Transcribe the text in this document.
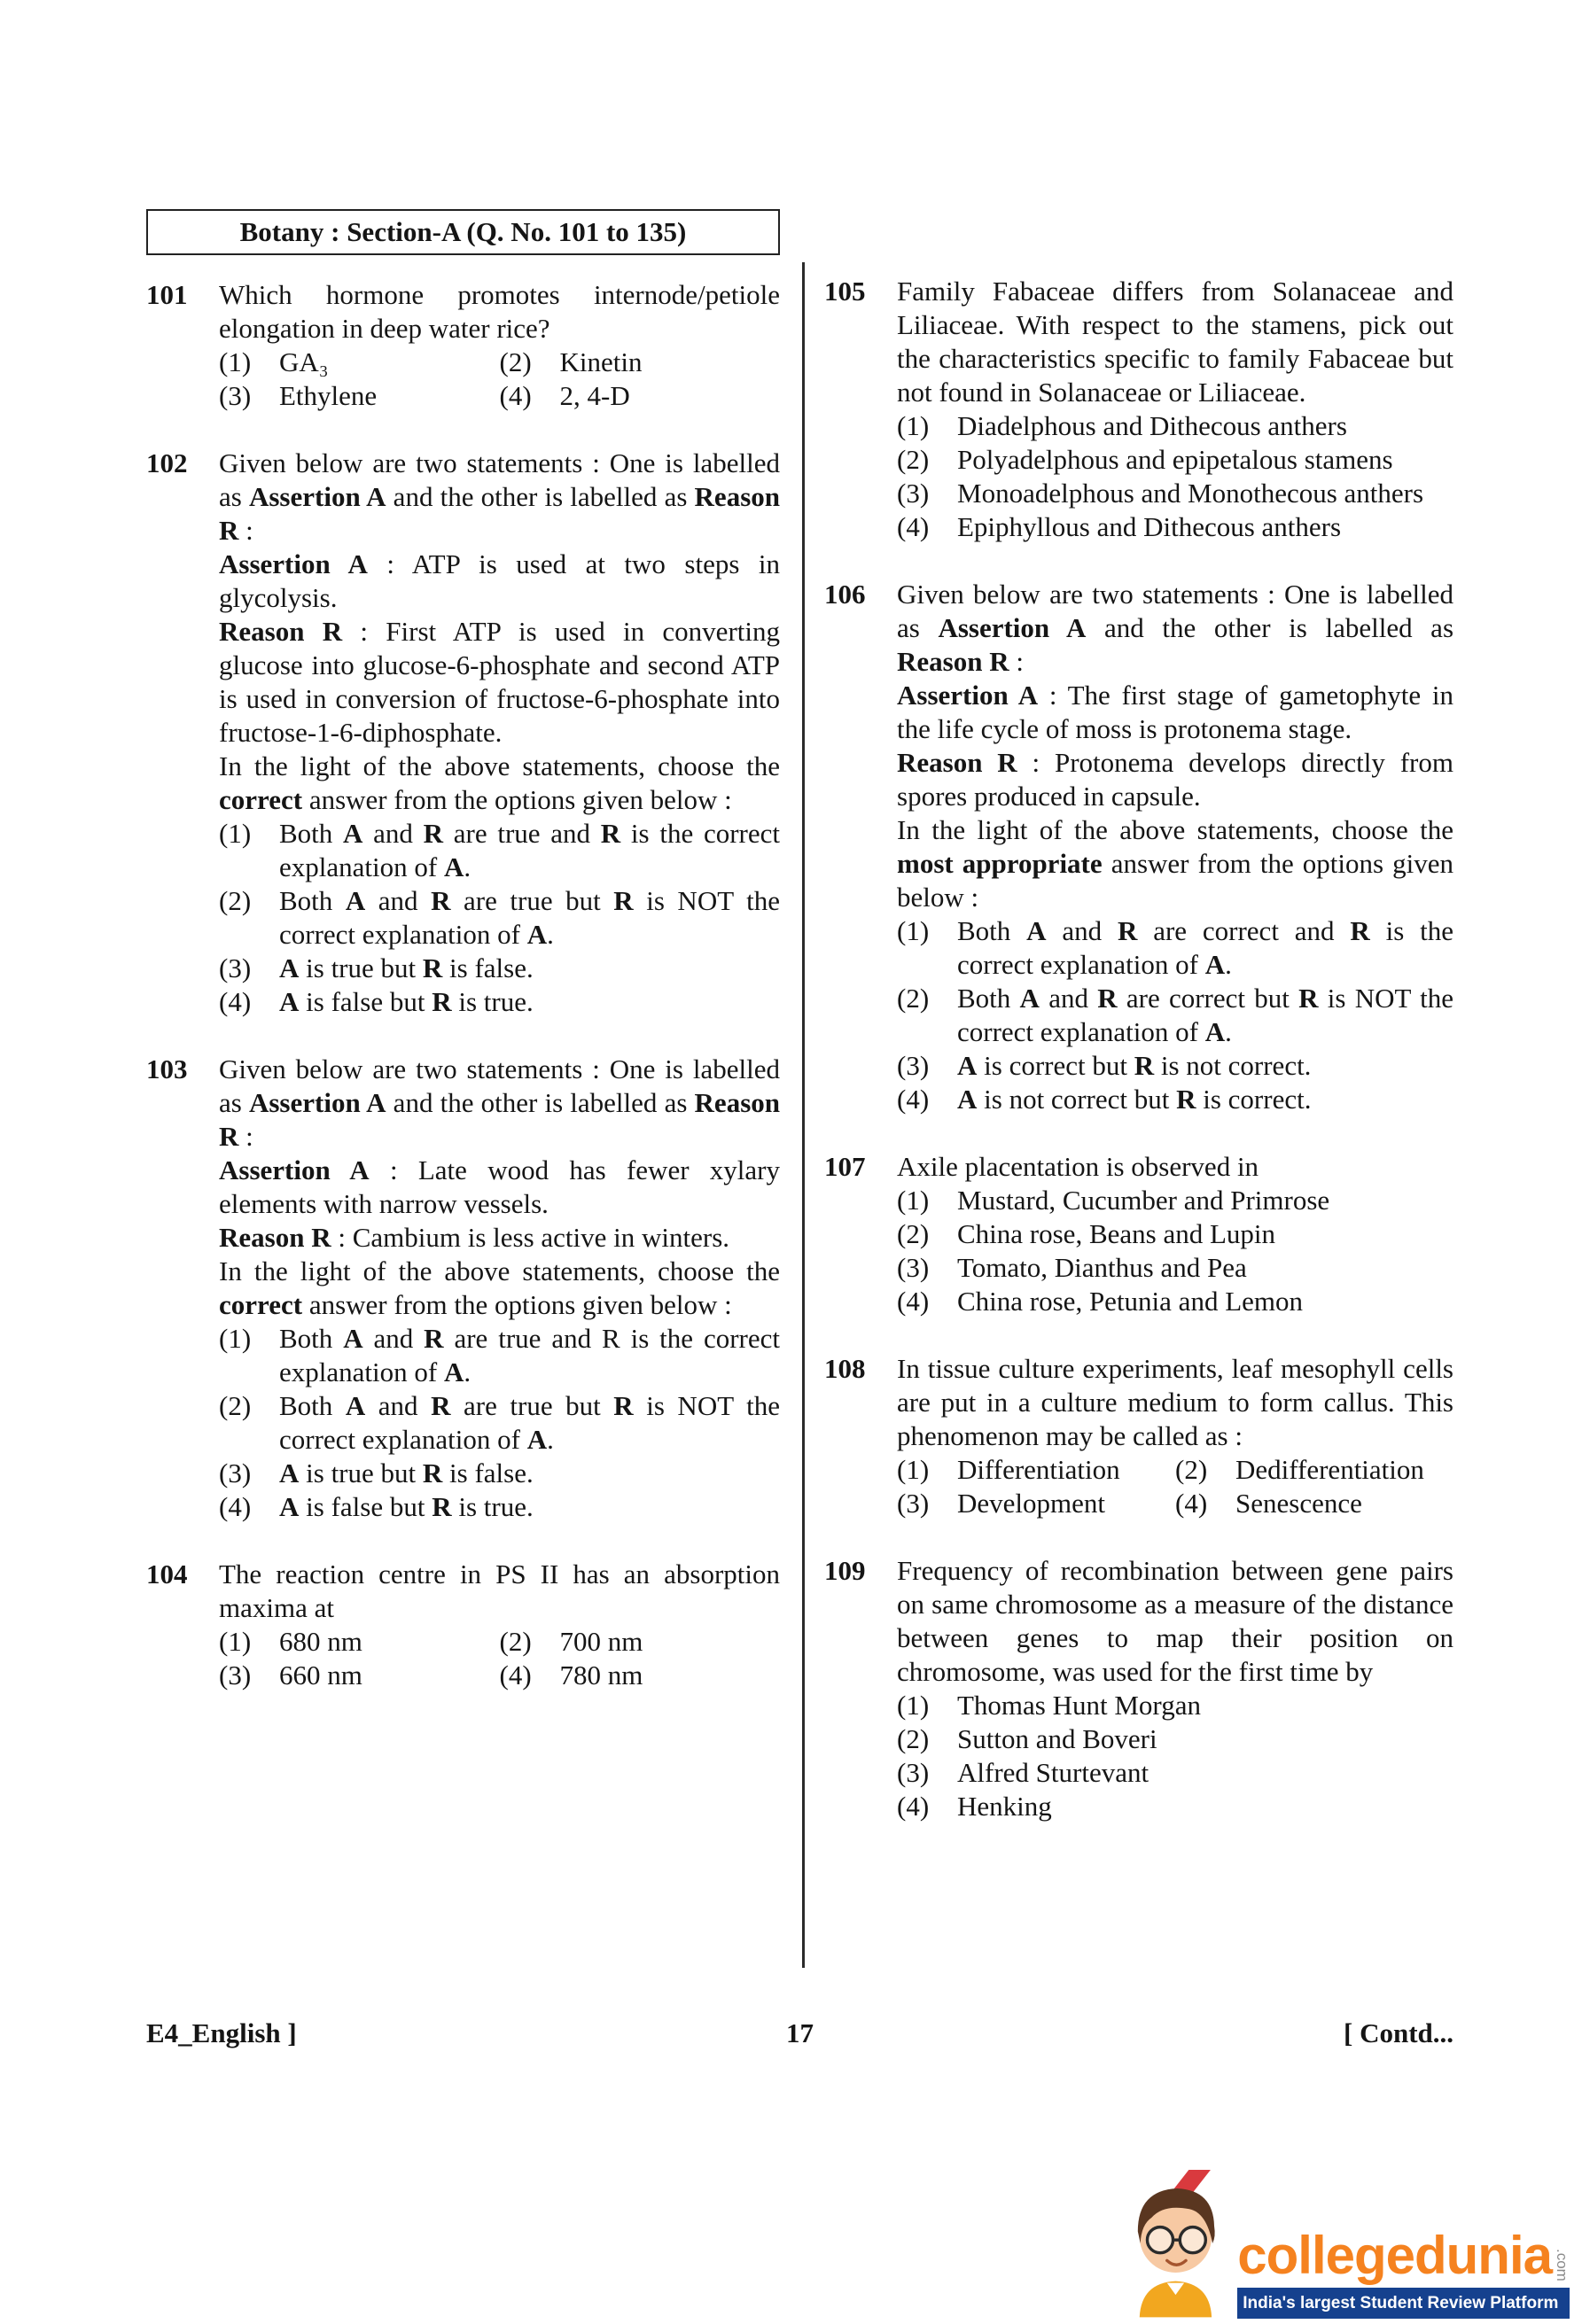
Botany : Section-A (Q. No. 101 to 135)
101	Which hormone promotes internode/petiole elongation in deep water rice?

(1)	GA₃	(2)	Kinetin
(3)	Ethylene	(4)	2, 4-D
102	Given below are two statements : One is labelled as Assertion A and the other is labelled as Reason R :

Assertion A : ATP is used at two steps in glycolysis.

Reason R : First ATP is used in converting glucose into glucose-6-phosphate and second ATP is used in conversion of fructose-6-phosphate into fructose-1-6-diphosphate.

In the light of the above statements, choose the correct answer from the options given below :

(1)	Both A and R are true and R is the correct explanation of A.
(2)	Both A and R are true but R is NOT the correct explanation of A.
(3)	A is true but R is false.
(4)	A is false but R is true.
103	Given below are two statements : One is labelled as Assertion A and the other is labelled as Reason R :

Assertion A : Late wood has fewer xylary elements with narrow vessels.

Reason R : Cambium is less active in winters.

In the light of the above statements, choose the correct answer from the options given below :

(1)	Both A and R are true and R is the correct explanation of A.
(2)	Both A and R are true but R is NOT the correct explanation of A.
(3)	A is true but R is false.
(4)	A is false but R is true.
104	The reaction centre in PS II has an absorption maxima at

(1)	680 nm	(2)	700 nm
(3)	660 nm	(4)	780 nm
105	Family Fabaceae differs from Solanaceae and Liliaceae. With respect to the stamens, pick out the characteristics specific to family Fabaceae but not found in Solanaceae or Liliaceae.

(1)	Diadelphous and Dithecous anthers
(2)	Polyadelphous and epipetalous stamens
(3)	Monoadelphous and Monothecous anthers
(4)	Epiphyllous and Dithecous anthers
106	Given below are two statements : One is labelled as Assertion A and the other is labelled as Reason R :

Assertion A : The first stage of gametophyte in the life cycle of moss is protonema stage.

Reason R : Protonema develops directly from spores produced in capsule.

In the light of the above statements, choose the most appropriate answer from the options given below :

(1)	Both A and R are correct and R is the correct explanation of A.
(2)	Both A and R are correct but R is NOT the correct explanation of A.
(3)	A is correct but R is not correct.
(4)	A is not correct but R is correct.
107	Axile placentation is observed in

(1)	Mustard, Cucumber and Primrose
(2)	China rose, Beans and Lupin
(3)	Tomato, Dianthus and Pea
(4)	China rose, Petunia and Lemon
108	In tissue culture experiments, leaf mesophyll cells are put in a culture medium to form callus. This phenomenon may be called as :

(1)	Differentiation	(2)	Dedifferentiation
(3)	Development	(4)	Senescence
109	Frequency of recombination between gene pairs on same chromosome as a measure of the distance between genes to map their position on chromosome, was used for the first time by

(1)	Thomas Hunt Morgan
(2)	Sutton and Boveri
(3)	Alfred Sturtevant
(4)	Henking
E4_English ]	17	[ Contd...
collegedunia .com
India's largest Student Review Platform
